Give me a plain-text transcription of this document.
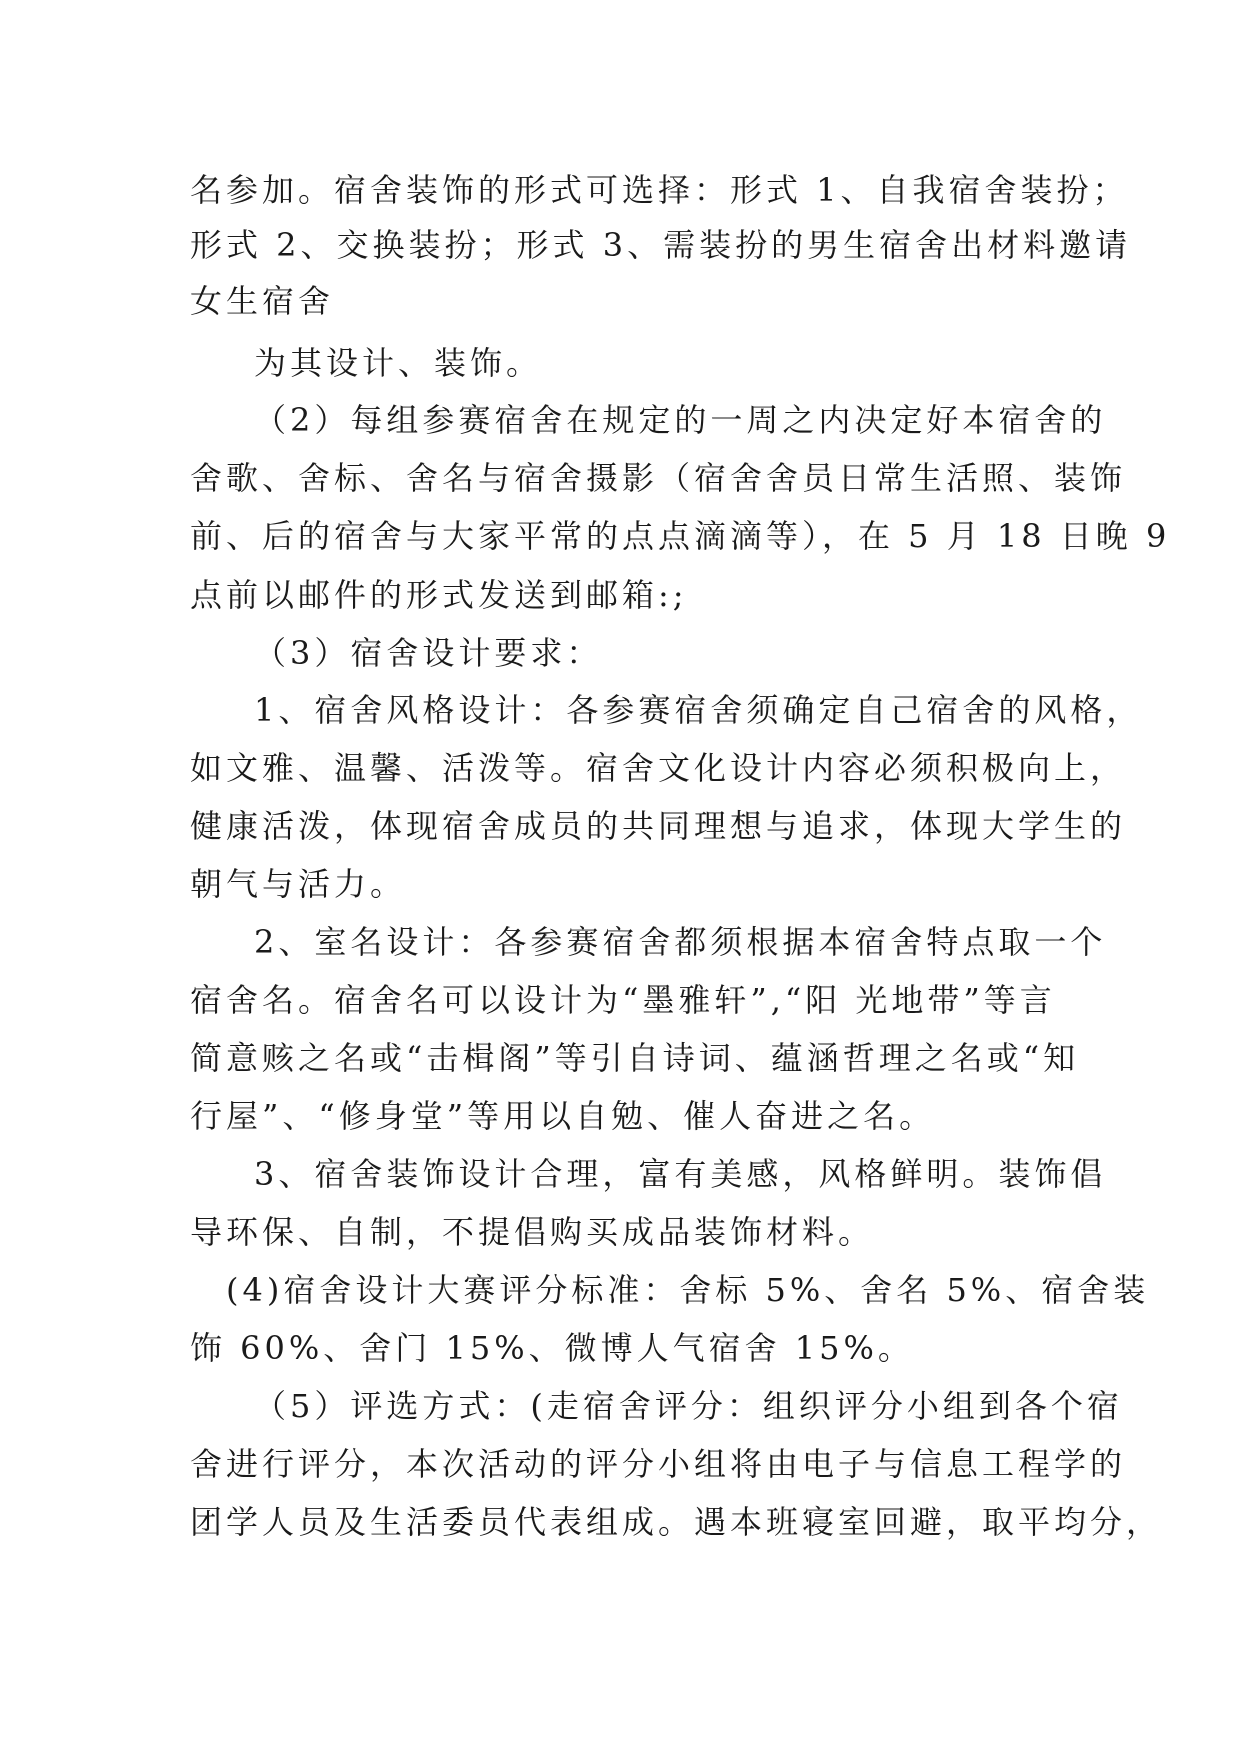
名参加。宿舍装饰的形式可选择：形式 1、自我宿舍装扮；
形式 2、交换装扮；形式 3、需装扮的男生宿舍出材料邀请
女生宿舍
为其设计、装饰。
（2）每组参赛宿舍在规定的一周之内决定好本宿舍的
舍歌、舍标、舍名与宿舍摄影（宿舍舍员日常生活照、装饰
前、后的宿舍与大家平常的点点滴滴等），在 5 月 18 日晚 9
点前以邮件的形式发送到邮箱:;
（3）宿舍设计要求：
1、宿舍风格设计：各参赛宿舍须确定自己宿舍的风格，
如文雅、温馨、活泼等。宿舍文化设计内容必须积极向上，
健康活泼，体现宿舍成员的共同理想与追求，体现大学生的
朝气与活力。
2、室名设计：各参赛宿舍都须根据本宿舍特点取一个
宿舍名。宿舍名可以设计为“墨雅轩”,“阳 光地带”等言
简意赅之名或“击楫阁”等引自诗词、蕴涵哲理之名或“知
行屋”、“修身堂”等用以自勉、催人奋进之名。
3、宿舍装饰设计合理，富有美感，风格鲜明。装饰倡
导环保、自制，不提倡购买成品装饰材料。
(4)宿舍设计大赛评分标准：舍标 5%、舍名 5%、宿舍装
饰 60%、舍门 15%、微博人气宿舍 15%。
（5）评选方式：(走宿舍评分：组织评分小组到各个宿
舍进行评分，本次活动的评分小组将由电子与信息工程学的
团学人员及生活委员代表组成。遇本班寝室回避，取平均分，
